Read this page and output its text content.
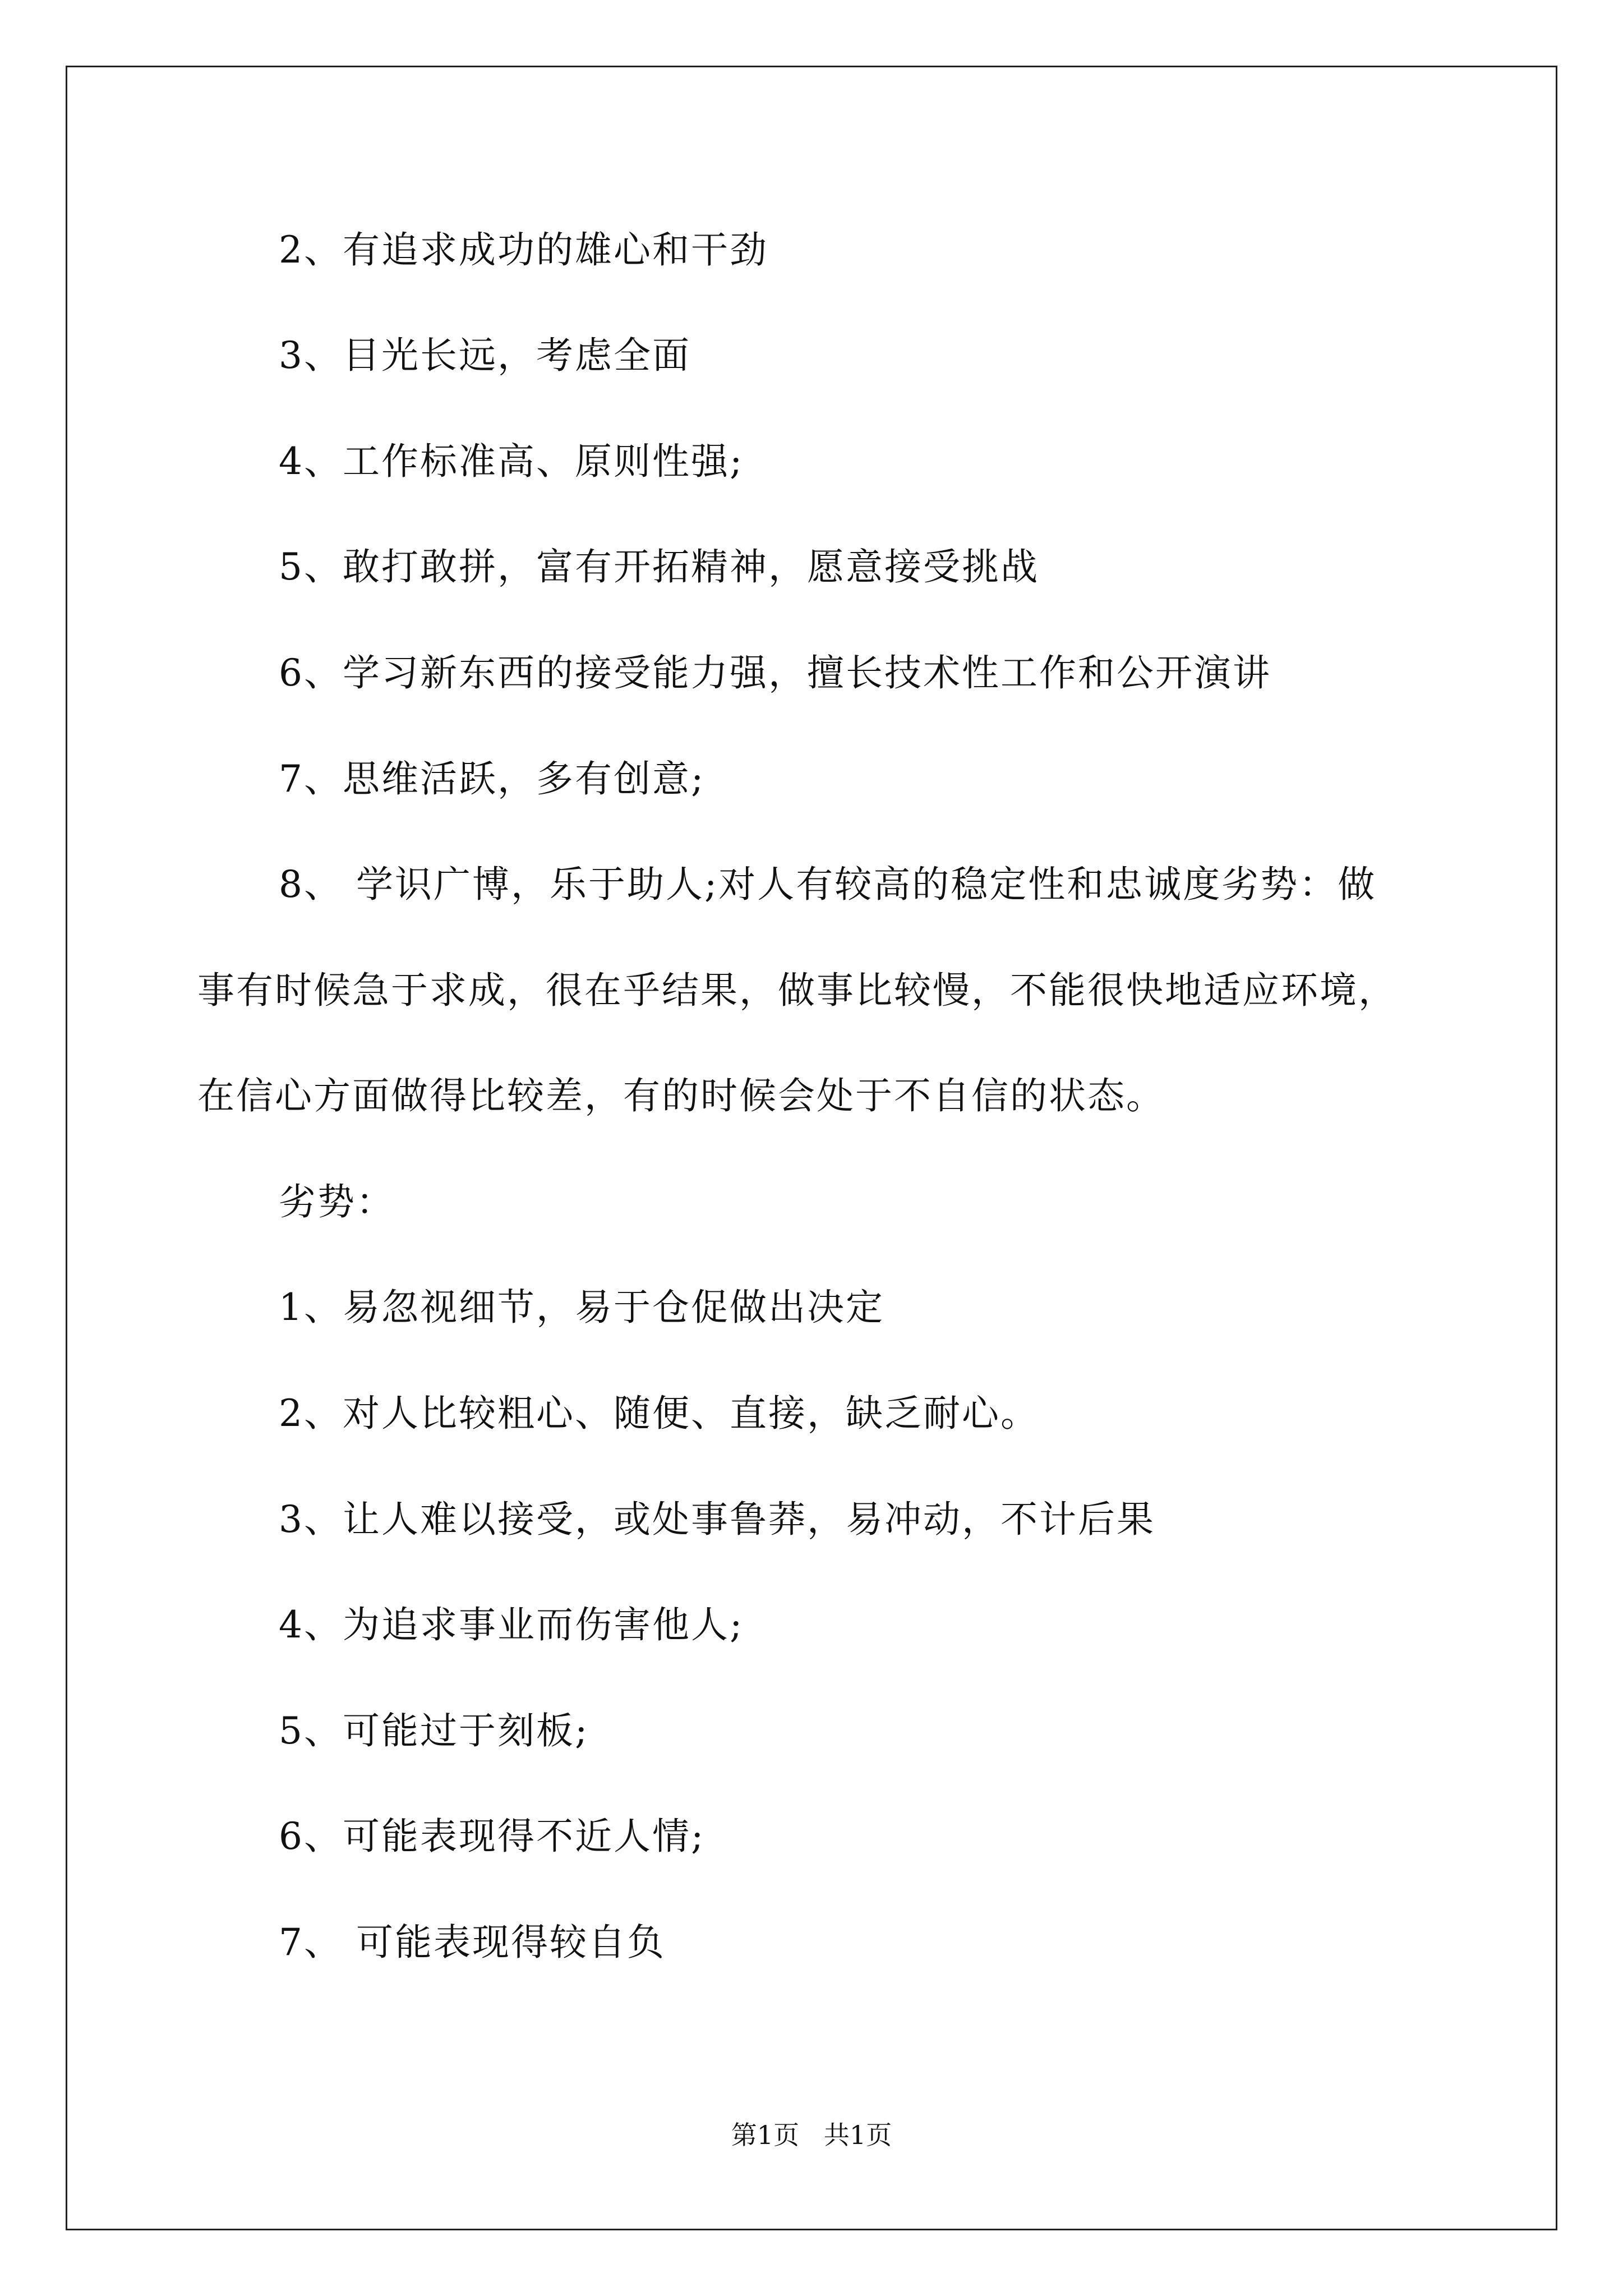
2、有追求成功的雄心和干劲
3、目光长远，考虑全面
4、工作标准高、原则性强;
5、敢打敢拼，富有开拓精神，愿意接受挑战
6、学习新东西的接受能力强，擅长技术性工作和公开演讲
7、思维活跃，多有创意;
8、 学识广博，乐于助人;对人有较高的稳定性和忠诚度劣势：做
事有时候急于求成，很在乎结果，做事比较慢，不能很快地适应环境，
在信心方面做得比较差，有的时候会处于不自信的状态。
劣势：
1、易忽视细节，易于仓促做出决定
2、对人比较粗心、随便、直接，缺乏耐心。
3、让人难以接受，或处事鲁莽，易冲动，不计后果
4、为追求事业而伤害他人;
5、可能过于刻板;
6、可能表现得不近人情;
7、 可能表现得较自负
第1页   共1页
